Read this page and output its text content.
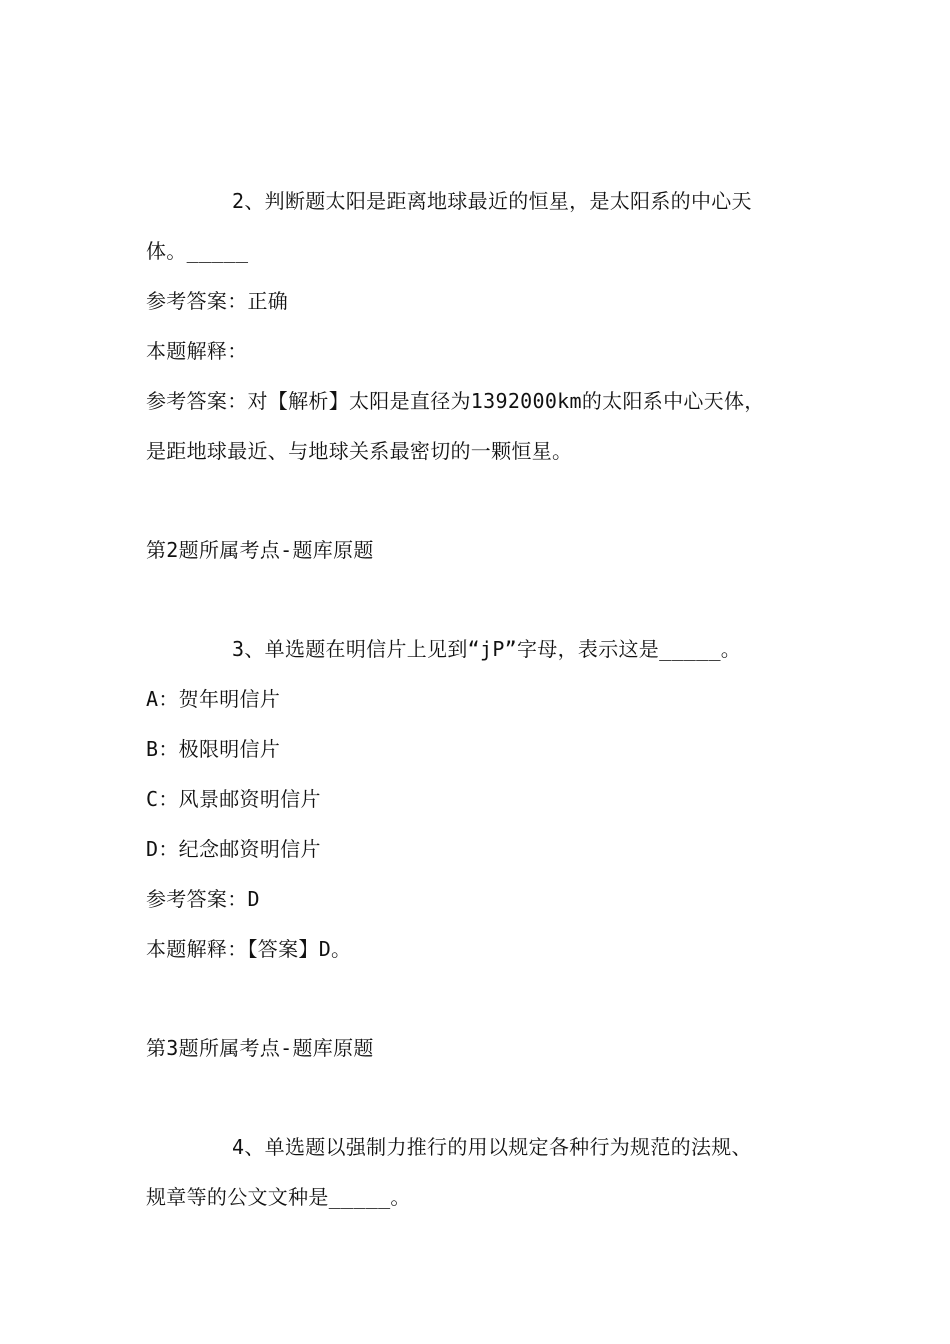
2、判断题太阳是距离地球最近的恒星，是太阳系的中心天
体。_____
参考答案：正确
本题解释：
参考答案：对【解析】太阳是直径为1392000km的太阳系中心天体，
是距地球最近、与地球关系最密切的一颗恒星。
第2题所属考点-题库原题
3、单选题在明信片上见到“jP”字母，表示这是_____。
A：贺年明信片
B：极限明信片
C：风景邮资明信片
D：纪念邮资明信片
参考答案：D
本题解释：【答案】D。
第3题所属考点-题库原题
4、单选题以强制力推行的用以规定各种行为规范的法规、
规章等的公文文种是_____。
